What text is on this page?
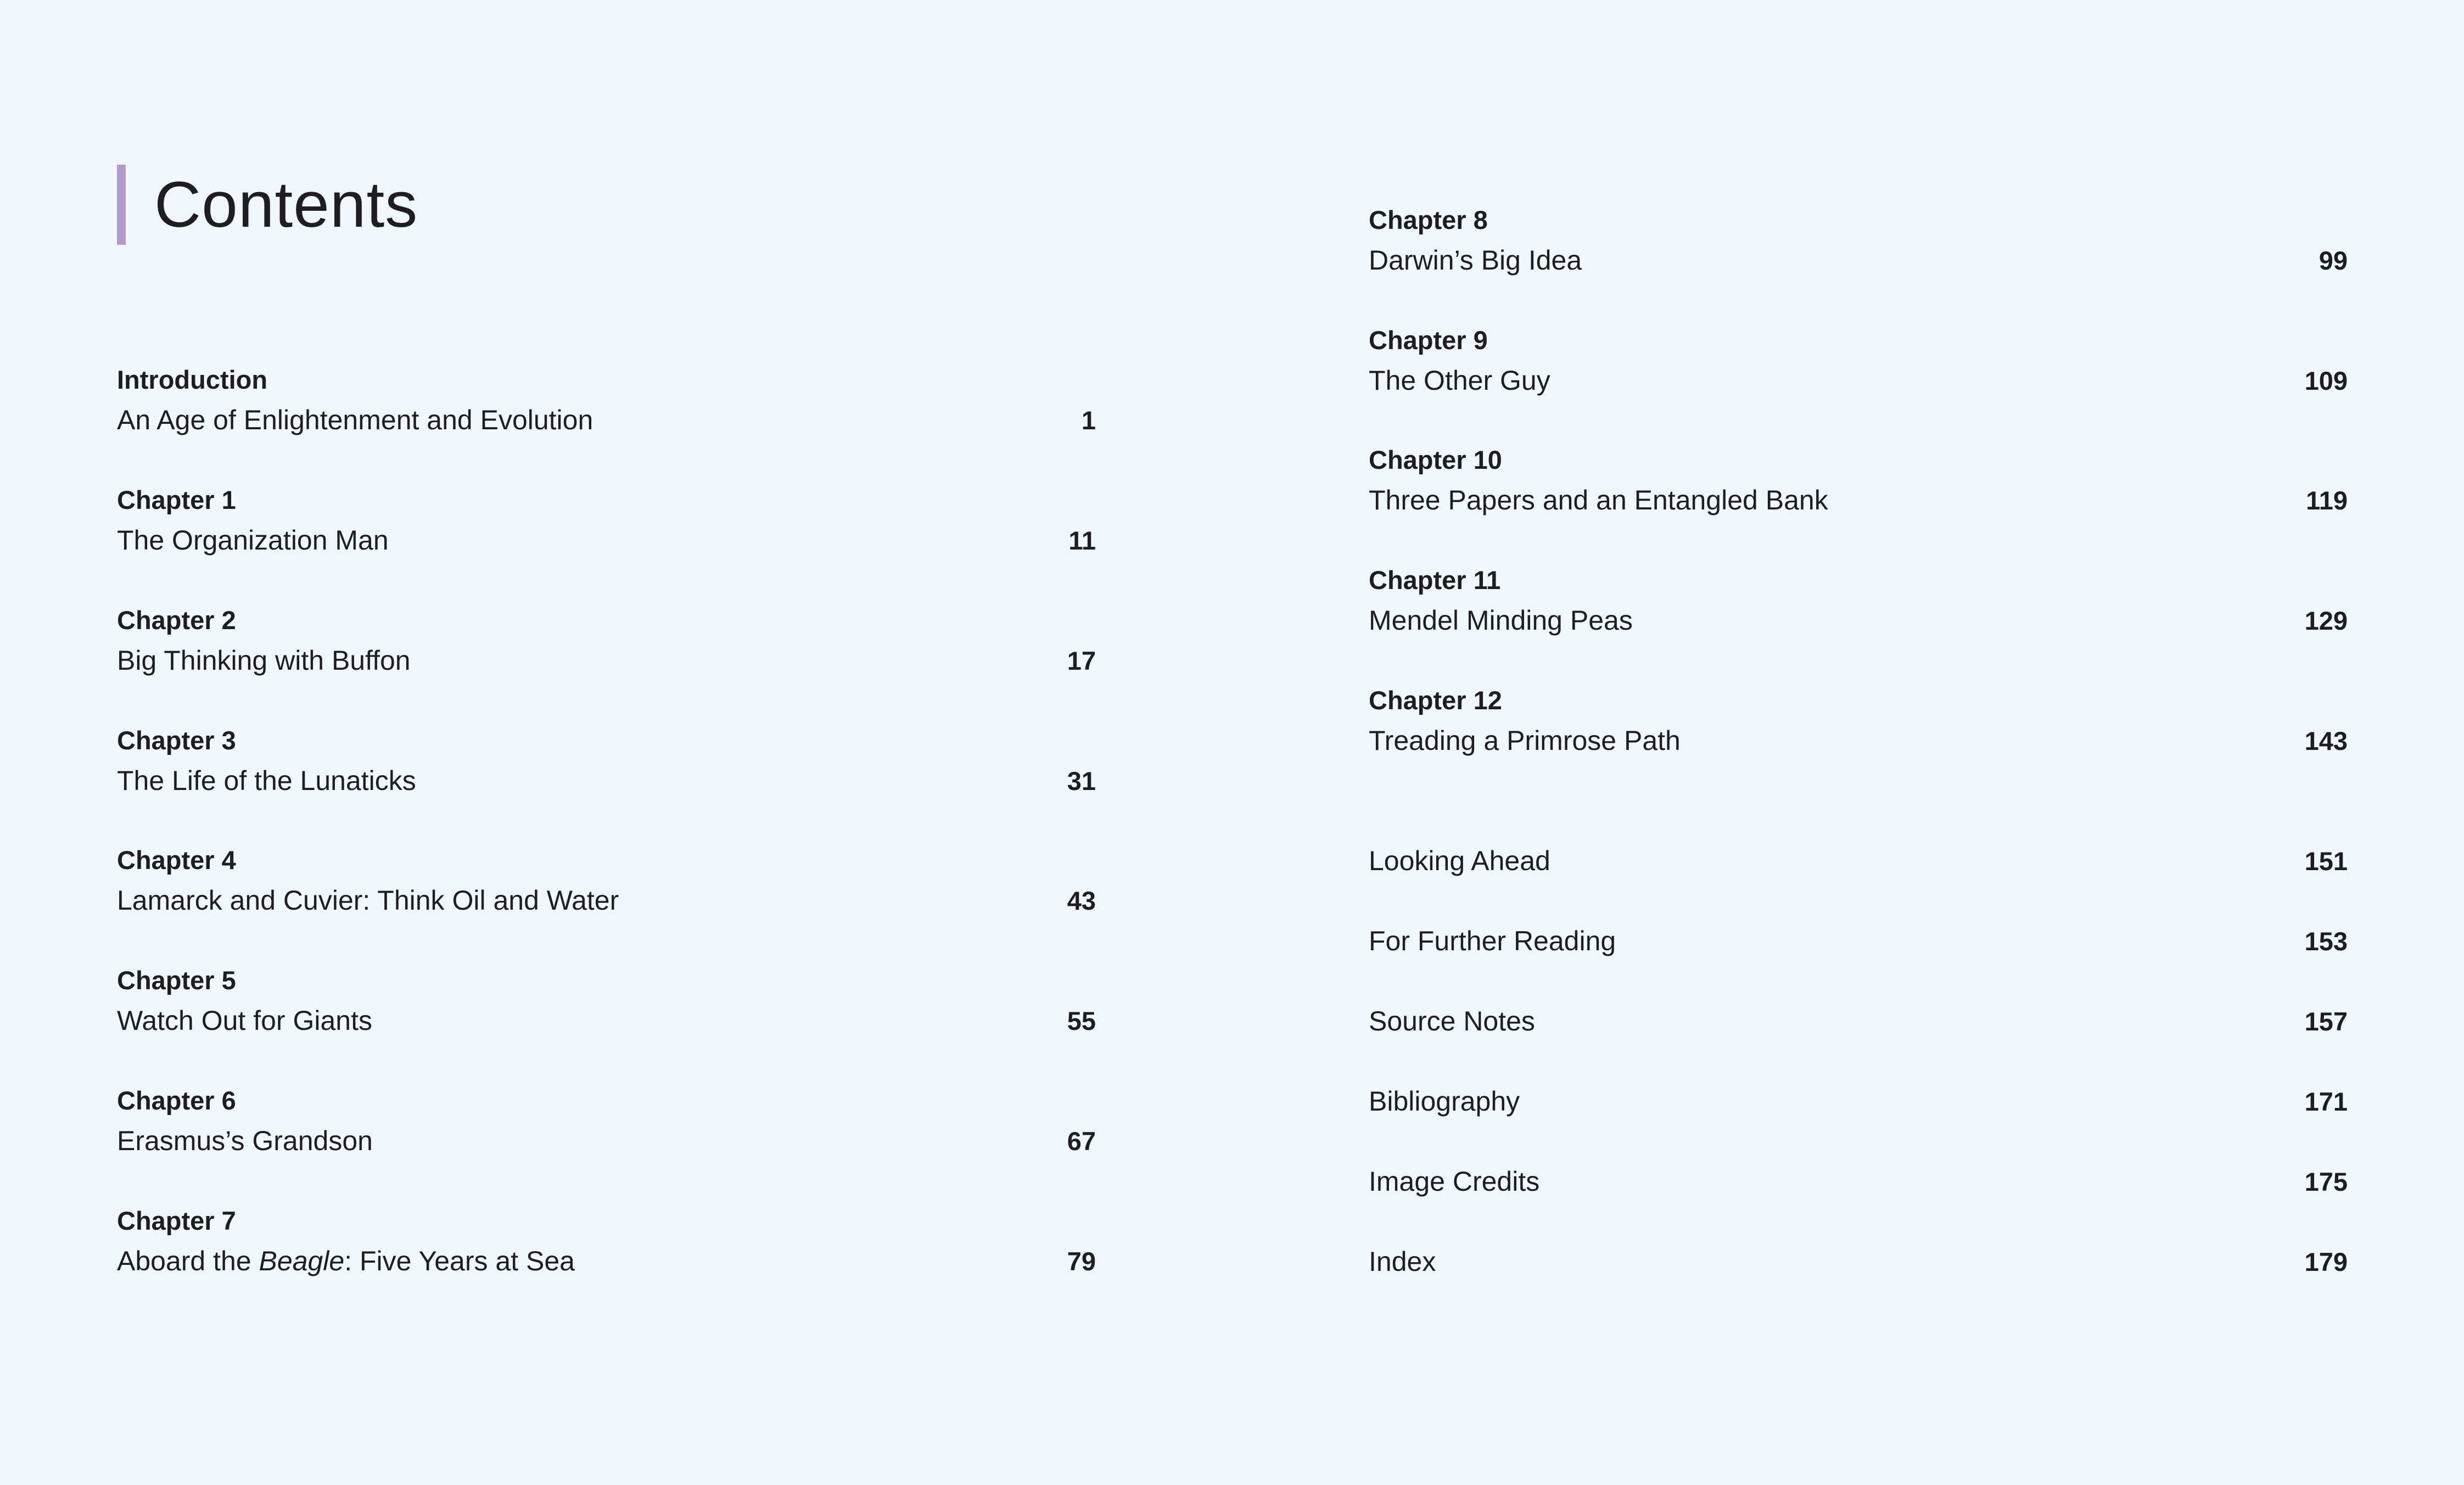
Contents
Introduction
An Age of Enlightenment and Evolution	1
Chapter 1
The Organization Man	11
Chapter 2
Big Thinking with Buffon	17
Chapter 3
The Life of the Lunaticks	31
Chapter 4
Lamarck and Cuvier: Think Oil and Water	43
Chapter 5
Watch Out for Giants	55
Chapter 6
Erasmus’s Grandson	67
Chapter 7
Aboard the Beagle: Five Years at Sea	79
Chapter 8
Darwin’s Big Idea	99
Chapter 9
The Other Guy	109
Chapter 10
Three Papers and an Entangled Bank	119
Chapter 11
Mendel Minding Peas	129
Chapter 12
Treading a Primrose Path	143
Looking Ahead	151
For Further Reading	153
Source Notes	157
Bibliography	171
Image Credits	175
Index	179
